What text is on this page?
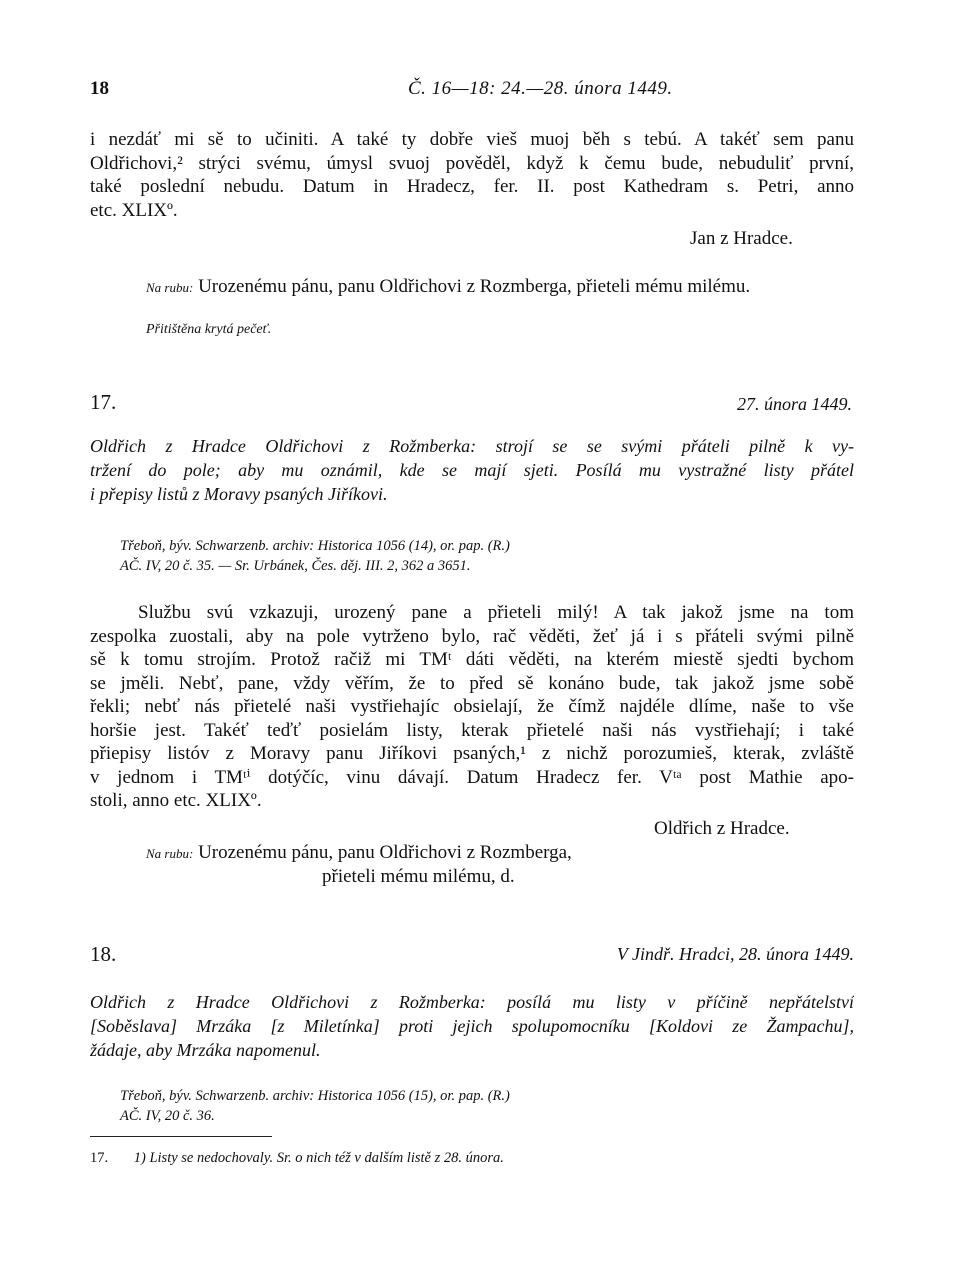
18	Č. 16—18: 24.—28. února 1449.
i nezdáť mi sě to učiniti. A také ty dobře vieš muoj běh s tebú. A takéť sem panu
Oldřichovi,² strýci svému, úmysl svuoj pověděl, když k čemu bude, nebuduliť první,
také poslední nebudu. Datum in Hradecz, fer. II. post Kathedram s. Petri, anno
etc. XLIXº.
Jan z Hradce.
Na rubu: Urozenému pánu, panu Oldřichovi z Rozmberga, přieteli mému milému.
Přitištěna krytá pečeť.
17.	27. února 1449.
Oldřich z Hradce Oldřichovi z Rožmberka: strojí se se svými přáteli pilně k vy-
tržení do pole; aby mu oznámil, kde se mají sjeti. Posílá mu vystražné listy přátel
i přepisy listů z Moravy psaných Jiříkovi.
Třeboň, býv. Schwarzenb. archiv: Historica 1056 (14), or. pap. (R.)
AČ. IV, 20 č. 35. — Sr. Urbánek, Čes. děj. III. 2, 362 a 3651.
Službu svú vzkazuji, urozený pane a přieteli milý! A tak jakož jsme na tom
zespolka zuostali, aby na pole vytrženo bylo, rač věděti, žeť já i s přáteli svými pilně
sě k tomu strojím. Protož račiž mi TMᵗ dáti věděti, na kterém miestě sjedti bychom
se jměli. Nebť, pane, vždy věřím, že to před sě konáno bude, tak jakož jsme sobě
řekli; nebť nás přietelé naši vystřiehajíc obsielají, že čímž najdéle dlíme, naše to vše
horšie jest. Takéť teďť posielám listy, kterak přietelé naši nás vystřiehají; i také
přiepisy listóv z Moravy panu Jiříkovi psaných,¹ z nichž porozumieš, kterak, zvláště
v jednom i TMᵗⁱ dotýčíc, vinu dávají. Datum Hradecz fer. Vᵗᵃ post Mathie apo-
stoli, anno etc. XLIXº.
Oldřich z Hradce.
Na rubu: Urozenému pánu, panu Oldřichovi z Rozmberga,
přieteli mému milému, d.
18.	V Jindř. Hradci, 28. února 1449.
Oldřich z Hradce Oldřichovi z Rožmberka: posílá mu listy v příčině nepřátelství
[Soběslava] Mrzáka [z Miletínka] proti jejich spolupomocníku [Koldovi ze Žampachu],
žádaje, aby Mrzáka napomenul.
Třeboň, býv. Schwarzenb. archiv: Historica 1056 (15), or. pap. (R.)
AČ. IV, 20 č. 36.
17. 1) Listy se nedochovaly. Sr. o nich též v dalším listě z 28. února.
